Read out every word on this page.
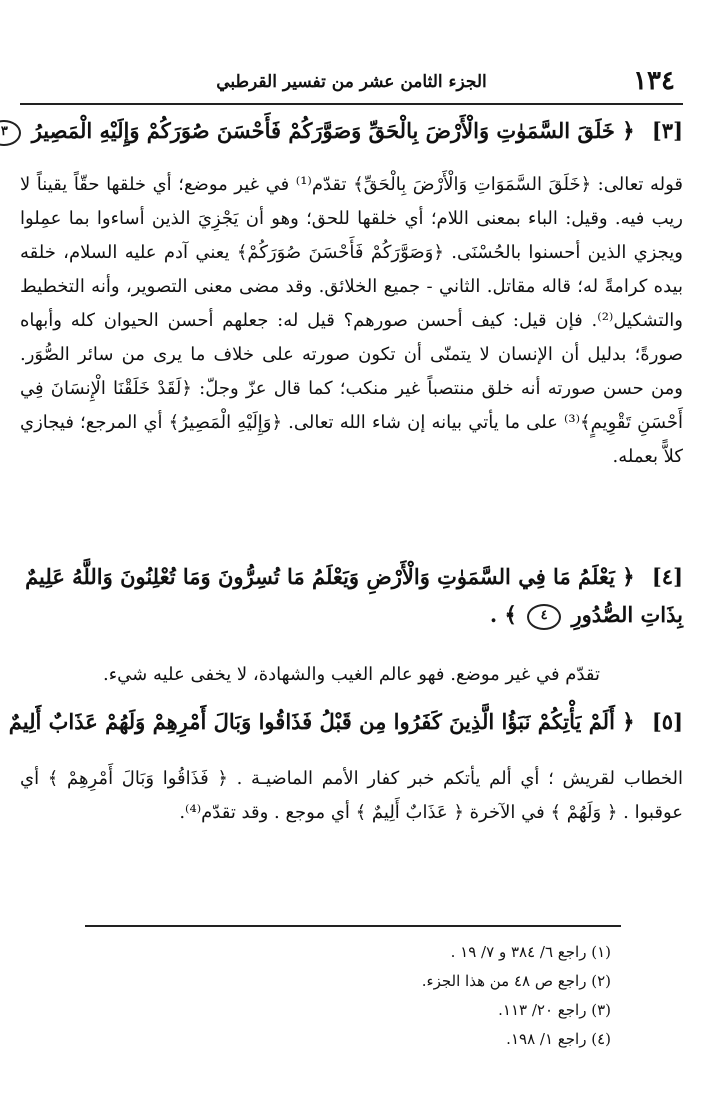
١٣٤
الجزء الثامن عشر من تفسير القرطبي
[٣] ﴿ خَلَقَ السَّمَوٰتِ وَالْأَرْضَ بِالْحَقِّ وَصَوَّرَكُمْ فَأَحْسَنَ صُوَرَكُمْ وَإِلَيْهِ الْمَصِيرُ ٣
قوله تعالى: ﴿خَلَقَ السَّمَوَاتِ وَالْأَرْضَ بِالْحَقِّ﴾ تقدّم⁽¹⁾ في غير موضع؛ أي خلقها حقّاً يقيناً لا ريب فيه. وقيل: الباء بمعنى اللام؛ أي خلقها للحق؛ وهو أن يَجْزِيَ الذين أساءوا بما عمِلوا ويجزي الذين أحسنوا بالحُسْنَى. ﴿وَصَوَّرَكُمْ فَأَحْسَنَ صُوَرَكُمْ﴾ يعني آدم عليه السلام، خلقه بيده كرامةً له؛ قاله مقاتل. الثاني - جميع الخلائق. وقد مضى معنى التصوير، وأنه التخطيط والتشكيل⁽²⁾. فإن قيل: كيف أحسن صورهم؟ قيل له: جعلهم أحسن الحيوان كله وأبهاه صورةً؛ بدليل أن الإنسان لا يتمنّى أن تكون صورته على خلاف ما يرى من سائر الصُّوَر. ومن حسن صورته أنه خلق منتصباً غير منكب؛ كما قال عزّ وجلّ: ﴿لَقَدْ خَلَقْنَا الْإِنسَانَ فِي أَحْسَنِ تَقْوِيمٍ﴾⁽³⁾ على ما يأتي بيانه إن شاء الله تعالى. ﴿وَإِلَيْهِ الْمَصِيرُ﴾ أي المرجع؛ فيجازي كلاًّ بعمله.
[٤] ﴿ يَعْلَمُ مَا فِي السَّمَوٰتِ وَالْأَرْضِ وَيَعْلَمُ مَا تُسِرُّونَ وَمَا تُعْلِنُونَ وَاللَّهُ عَلِيمٌ بِذَاتِ الصُّدُورِ ٤ ﴾ .
تقدّم في غير موضع. فهو عالم الغيب والشهادة، لا يخفى عليه شيء.
[٥] ﴿ أَلَمْ يَأْتِكُمْ نَبَؤُا الَّذِينَ كَفَرُوا مِن قَبْلُ فَذَاقُوا وَبَالَ أَمْرِهِمْ وَلَهُمْ عَذَابٌ أَلِيمٌ
الخطاب لقريش ؛ أي ألم يأتكم خبر كفار الأمم الماضيـة . ﴿ فَذَاقُوا وَبَالَ أَمْرِهِمْ ﴾ أي عوقبوا . ﴿ وَلَهُمْ ﴾ في الآخرة ﴿ عَذَابٌ أَلِيمٌ ﴾ أي موجع . وقد تقدّم⁽⁴⁾.
(١) راجع ٦/ ٣٨٤ و ٧/ ١٩ .
(٢) راجع ص ٤٨ من هذا الجزء.
(٣) راجع ٢٠/ ١١٣.
(٤) راجع ١/ ١٩٨.
